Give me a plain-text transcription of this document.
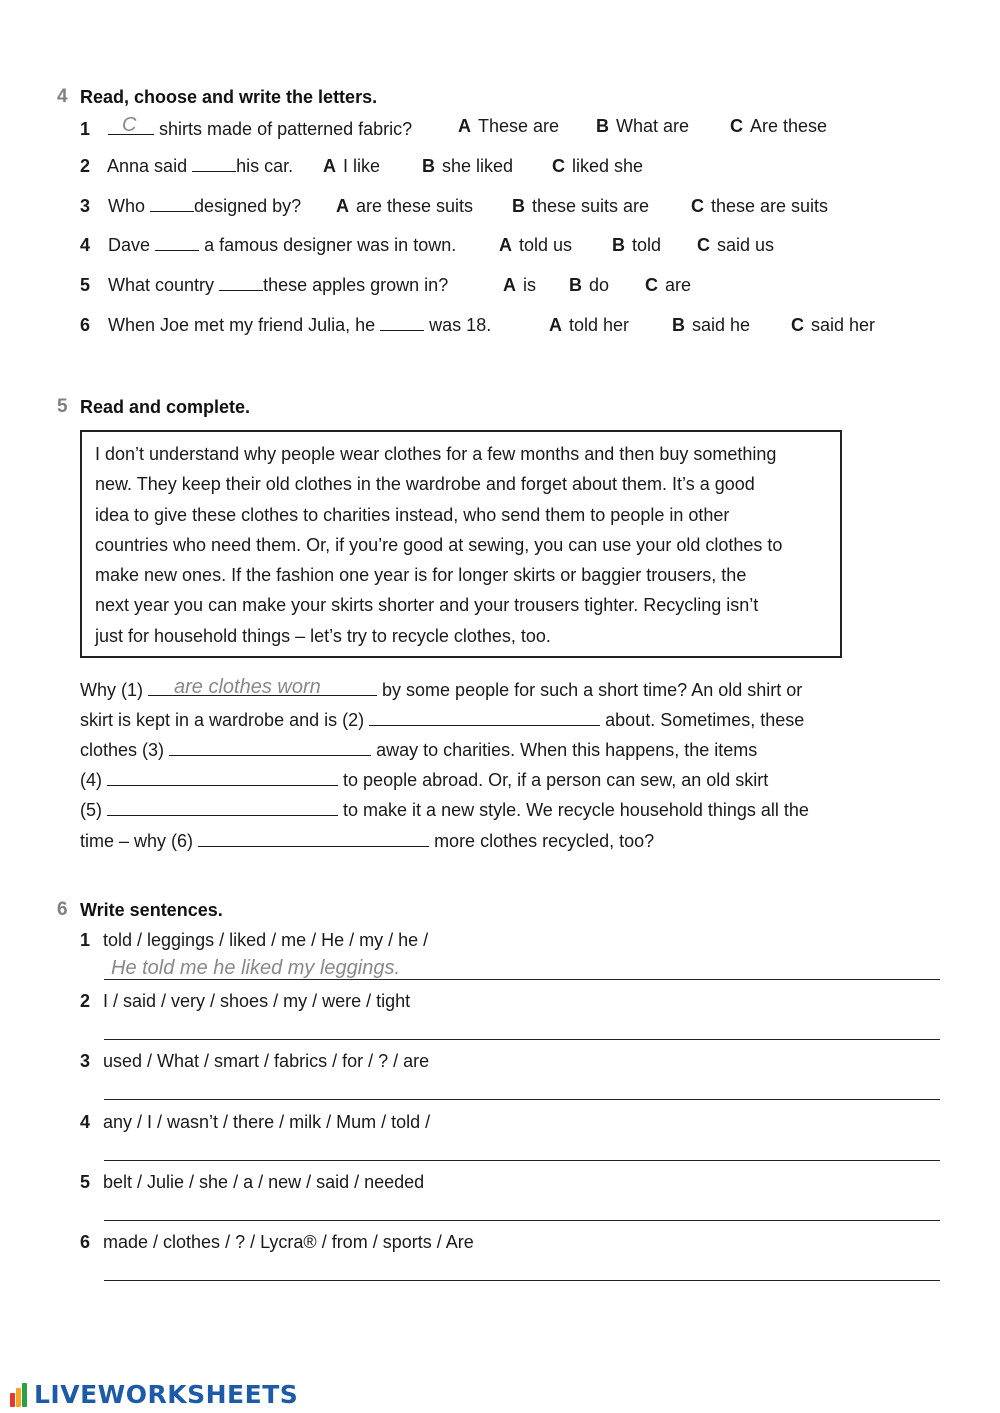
4 Read, choose and write the letters.
1 C shirts made of patterned fabric?	A These are B What are C Are these
2 Anna said	his car. A I like B she liked C liked she
3 Who	designed by? A are these suits B these suits are C these are suits
4 Dave	a famous designer was in town. A told us B told C said us
5 What country	these apples grown in?	A is B do C are
6 When Joe met my friend Julia, he	was 18.	A told her B said he C said her
5 Read and complete.
I don’t understand why people wear clothes for a few months and then buy something
new. They keep their old clothes in the wardrobe and forget about them. It’s a good
idea to give these clothes to charities instead, who send them to people in other
countries who need them. Or, if you’re good at sewing, you can use your old clothes to
make new ones. If the fashion one year is for longer skirts or baggier trousers, the
next year you can make your skirts shorter and your trousers tighter. Recycling isn’t
just for household things – let’s try to recycle clothes, too.
Why (1) are clothes worn	by some people for such a short time? An old shirt or
skirt is kept in a wardrobe and is (2)	about. Sometimes, these
clothes (3)	away to charities. When this happens, the items
(4)	to people abroad. Or, if a person can sew, an old skirt
(5)	to make it a new style. We recycle household things all the
time – why (6)	more clothes recycled, too?
6 Write sentences.
1 told / leggings / liked / me / He / my / he /
He told me he liked my leggings.
2 I / said / very / shoes / my / were / tight
3 used / What / smart / fabrics / for / ? / are
4 any / I / wasn’t / there / milk / Mum / told /
5 belt / Julie / she / a / new / said / needed
6 made / clothes / ? / Lycra® / from / sports / Are
LIVEWORKSHEETS
